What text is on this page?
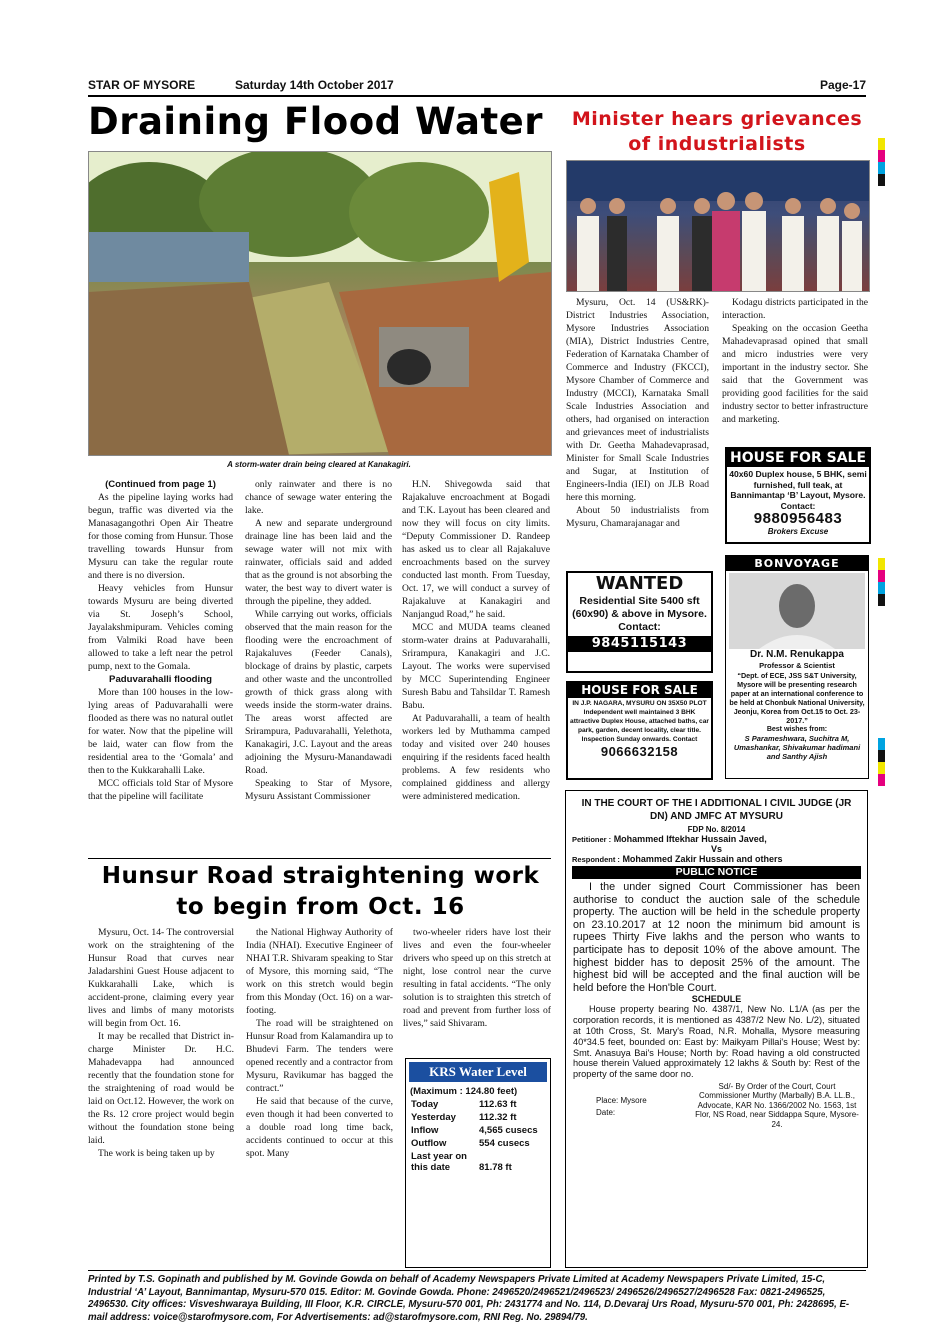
STAR OF MYSORE	Saturday 14th October 2017	Page-17
Draining Flood Water
A storm-water drain being cleared at Kanakagiri.

(Continued from page 1)

As the pipeline laying works had begun, traffic was diverted via the Manasagangothri Open Air Theatre for those coming from Hunsur. Those travelling towards Hunsur from Mysuru can take the regular route and there is no diversion.

Heavy vehicles from Hunsur towards Mysuru are being diverted via St. Joseph’s School, Jayalakshmipuram. Vehicles coming from Valmiki Road have been allowed to take a left near the petrol pump, next to the Gomala.

Paduvarahalli flooding

More than 100 houses in the low-lying areas of Paduvarahalli were flooded as there was no natural outlet for water. Now that the pipeline will be laid, water can flow from the residential area to the ‘Gomala’ and then to the Kukkarahalli Lake.

MCC officials told Star of Mysore that the pipeline will facilitate

only rainwater and there is no chance of sewage water entering the lake.

A new and separate underground drainage line has been laid and the sewage water will not mix with rainwater, officials said and added that as the ground is not absorbing the water, the best way to divert water is through the pipeline, they added.

While carrying out works, officials observed that the main reason for the flooding were the encroachment of Rajakaluves (Feeder Canals), blockage of drains by plastic, carpets and other waste and the uncontrolled growth of thick grass along with weeds inside the storm-water drains. The areas worst affected are Srirampura, Paduvarahalli, Yelethota, Kanakagiri, J.C. Layout and the areas adjoining the Mysuru-Manandawadi Road.

Speaking to Star of Mysore, Mysuru Assistant Commissioner

H.N. Shivegowda said that Rajakaluve encroachment at Bogadi and T.K. Layout has been cleared and now they will focus on city limits. “Deputy Commissioner D. Randeep has asked us to clear all Rajakaluve encroachments based on the survey conducted last month. From Tuesday, Oct. 17, we will conduct a survey of Rajakaluve at Kanakagiri and Nanjangud Road,” he said.

MCC and MUDA teams cleaned storm-water drains at Paduvarahalli, Srirampura, Kanakagiri and J.C. Layout. The works were supervised by MCC Superintending Engineer Suresh Babu and Tahsildar T. Ramesh Babu.

At Paduvarahalli, a team of health workers led by Muthamma camped today and visited over 240 houses enquiring if the residents faced health problems. A few residents who complained giddiness and allergy were administered medication.

Minister hears grievances
of industrialists

Mysuru, Oct. 14 (US&RK)- District Industries Association, Mysore Industries Association (MIA), District Industries Centre, Federation of Karnataka Chamber of Commerce and Industry (FKCCI), Mysore Chamber of Commerce and Industry (MCCI), Karnataka Small Scale Industries Association and others, had organised on interaction and grievances meet of industrialists with Dr. Geetha Mahadevaprasad, Minister for Small Scale Industries and Sugar, at Institution of Engineers-India (IEI) on JLB Road here this morning.

About 50 industrialists from Mysuru, Chamarajanagar and

Kodagu districts participated in the interaction.

Speaking on the occasion Geetha Mahadevaprasad opined that small and micro industries were very important in the industry sector. She said that the Government was providing good facilities for the said industry sector to better infrastructure and marketing.

HOUSE FOR SALE
40x60 Duplex house, 5 BHK, semi furnished, full teak, at Bannimantap ‘B’ Layout, Mysore. Contact:
9880956483
Brokers Excuse
WANTED
Residential Site 5400 sft (60x90) & above in Mysore. Contact:
9845115143
HOUSE FOR SALE
IN J.P. NAGARA, MYSURU ON 35X50 PLOT Independent well maintained 3 BHK attractive Duplex House, attached baths, car park, garden, decent locality, clear title. Inspection Sunday onwards. Contact
9066632158
BONVOYAGE
Dr. N.M. Renukappa
Professor & Scientist
“Dept. of ECE, JSS S&T University, Mysore will be presenting research paper at an international conference to be held at Chonbuk National University, Jeonju, Korea from Oct.15 to Oct. 23-2017.”
Best wishes from:
S Parameshwara, Suchitra M, Umashankar, Shivakumar hadimani and Santhy Ajish
Hunsur Road straightening work
to begin from Oct. 16

Mysuru, Oct. 14- The controversial work on the straightening of the Hunsur Road that curves near Jaladarshini Guest House adjacent to Kukkarahalli Lake, which is accident-prone, claiming every year lives and limbs of many motorists will begin from Oct. 16.

It may be recalled that District in-charge Minister Dr. H.C. Mahadevappa had announced recently that the foundation stone for the straightening of road would be laid on Oct.12. However, the work on the Rs. 12 crore project would begin without the foundation stone being laid.

The work is being taken up by

the National Highway Authority of India (NHAI). Executive Engineer of NHAI T.R. Shivaram speaking to Star of Mysore, this morning said, “The work on this stretch would begin from this Monday (Oct. 16) on a war-footing.

The road will be straightened on Hunsur Road from Kalamandira up to Bhudevi Farm. The tenders were opened recently and a contractor from Mysuru, Ravikumar has bagged the contract.”

He said that because of the curve, even though it had been converted to a double road long time back, accidents continued to occur at this spot. Many

two-wheeler riders have lost their lives and even the four-wheeler drivers who speed up on this stretch at night, lose control near the curve resulting in fatal accidents. “The only solution is to straighten this stretch of road and prevent from further loss of lives,” said Shivaram.

KRS Water Level
(Maximum : 124.80 feet)
Today	112.63 ft
Yesterday	112.32 ft
Inflow	4,565 cusecs
Outflow	554 cusecs
Last year on this date	81.78 ft
IN THE COURT OF THE I ADDITIONAL I CIVIL JUDGE (JR DN) AND JMFC AT MYSURU
FDP No. 8/2014
Petitioner : Mohammed Iftekhar Hussain Javed,
Vs
Respondent : Mohammed Zakir Hussain and others
PUBLIC NOTICE
I the under signed Court Commissioner has been authorise to conduct the auction sale of the schedule property. The auction will be held in the schedule property on 23.10.2017 at 12 noon the minimum bid amount is rupees Thirty Five lakhs and the person who wants to participate has to deposit 10% of the above amount. The highest bidder has to deposit 25% of the amount. The highest bid will be accepted and the final auction will be held before the Hon'ble Court.
SCHEDULE
House property bearing No. 4387/1, New No. L1/A (as per the corporation records, it is mentioned as 4387/2 New No. L/2), situated at 10th Cross, St. Mary's Road, N.R. Mohalla, Mysore measuring 40*34.5 feet, bounded on: East by: Maikyam Pillai's House; West by: Smt. Anasuya Bai's House; North by: Road having a old constructed house therein Valued approximately 12 lakhs & South by: Rest of the property of the same door no.
Place: Mysore
Date:
Sd/- By Order of the Court, Court Commissioner Murthy (Marbally) B.A. LL.B., Advocate, KAR No. 1366/2002 No. 1563, 1st Flor, NS Road, near Siddappa Squre, Mysore-24.
Printed by T.S. Gopinath and published by M. Govinde Gowda on behalf of Academy Newspapers Private Limited at Academy Newspapers Private Limited, 15-C, Industrial ‘A’ Layout, Bannimantap, Mysuru-570 015. Editor: M. Govinde Gowda. Phone: 2496520/2496521/2496523/ 2496526/2496527/2496528 Fax: 0821-2496525, 2496530. City offices: Visveshwaraya Building, III Floor, K.R. CIRCLE, Mysuru-570 001, Ph: 2431774 and No. 114, D.Devaraj Urs Road, Mysuru-570 001, Ph: 2428695, E-mail address: voice@starofmysore.com, For Advertisements: ad@starofmysore.com, RNI Reg. No. 29894/79.
